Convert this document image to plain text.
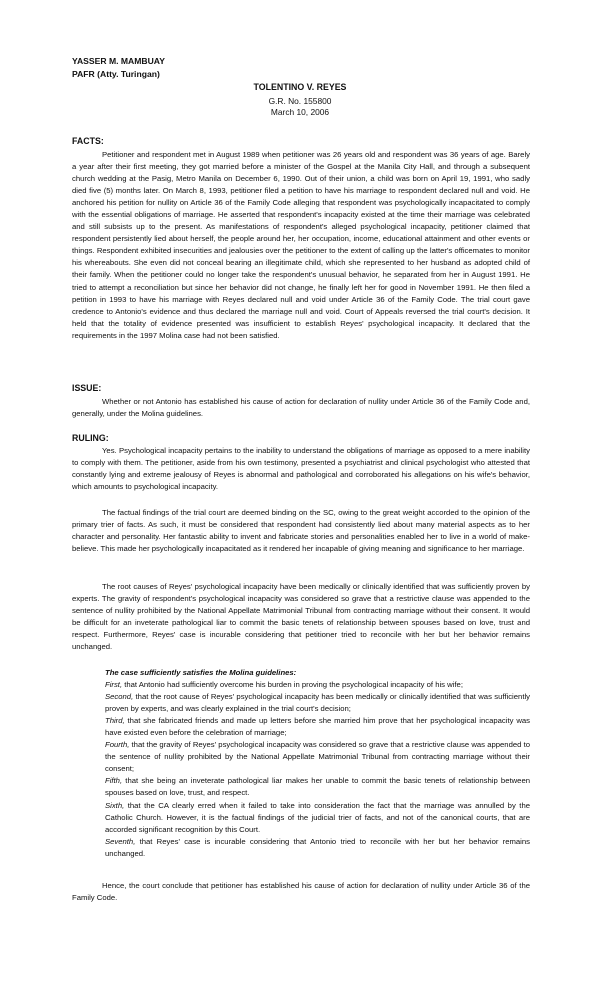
YASSER M. MAMBUAY
PAFR (Atty. Turingan)
TOLENTINO V. REYES
G.R. No. 155800
March 10, 2006
FACTS:

Petitioner and respondent met in August 1989 when petitioner was 26 years old and respondent was 36 years of age. Barely a year after their first meeting, they got married before a minister of the Gospel at the Manila City Hall, and through a subsequent church wedding at the Pasig, Metro Manila on December 6, 1990. Out of their union, a child was born on April 19, 1991, who sadly died five (5) months later. On March 8, 1993, petitioner filed a petition to have his marriage to respondent declared null and void. He anchored his petition for nullity on Article 36 of the Family Code alleging that respondent was psychologically incapacitated to comply with the essential obligations of marriage. He asserted that respondent's incapacity existed at the time their marriage was celebrated and still subsists up to the present. As manifestations of respondent's alleged psychological incapacity, petitioner claimed that respondent persistently lied about herself, the people around her, her occupation, income, educational attainment and other events or things. Respondent exhibited insecurities and jealousies over the petitioner to the extent of calling up the latter's officemates to monitor his whereabouts. She even did not conceal bearing an illegitimate child, which she represented to her husband as adopted child of their family. When the petitioner could no longer take the respondent's unusual behavior, he separated from her in August 1991. He tried to attempt a reconciliation but since her behavior did not change, he finally left her for good in November 1991. He then filed a petition in 1993 to have his marriage with Reyes declared null and void under Article 36 of the Family Code. The trial court gave credence to Antonio's evidence and thus declared the marriage null and void. Court of Appeals reversed the trial court's decision. It held that the totality of evidence presented was insufficient to establish Reyes' psychological incapacity. It declared that the requirements in the 1997 Molina case had not been satisfied.

ISSUE:

Whether or not Antonio has established his cause of action for declaration of nullity under Article 36 of the Family Code and, generally, under the Molina guidelines.

RULING:

Yes. Psychological incapacity pertains to the inability to understand the obligations of marriage as opposed to a mere inability to comply with them. The petitioner, aside from his own testimony, presented a psychiatrist and clinical psychologist who attested that constantly lying and extreme jealousy of Reyes is abnormal and pathological and corroborated his allegations on his wife's behavior, which amounts to psychological incapacity.

The factual findings of the trial court are deemed binding on the SC, owing to the great weight accorded to the opinion of the primary trier of facts. As such, it must be considered that respondent had consistently lied about many material aspects as to her character and personality. Her fantastic ability to invent and fabricate stories and personalities enabled her to live in a world of make-believe. This made her psychologically incapacitated as it rendered her incapable of giving meaning and significance to her marriage.

The root causes of Reyes' psychological incapacity have been medically or clinically identified that was sufficiently proven by experts. The gravity of respondent's psychological incapacity was considered so grave that a restrictive clause was appended to the sentence of nullity prohibited by the National Appellate Matrimonial Tribunal from contracting marriage without their consent. It would be difficult for an inveterate pathological liar to commit the basic tenets of relationship between spouses based on love, trust and respect. Furthermore, Reyes' case is incurable considering that petitioner tried to reconcile with her but her behavior remains unchanged.

The case sufficiently satisfies the Molina guidelines:

First, that Antonio had sufficiently overcome his burden in proving the psychological incapacity of his wife;

Second, that the root cause of Reyes' psychological incapacity has been medically or clinically identified that was sufficiently proven by experts, and was clearly explained in the trial court's decision;

Third, that she fabricated friends and made up letters before she married him prove that her psychological incapacity was have existed even before the celebration of marriage;

Fourth, that the gravity of Reyes' psychological incapacity was considered so grave that a restrictive clause was appended to the sentence of nullity prohibited by the National Appellate Matrimonial Tribunal from contracting marriage without their consent;

Fifth, that she being an inveterate pathological liar makes her unable to commit the basic tenets of relationship between spouses based on love, trust, and respect.

Sixth, that the CA clearly erred when it failed to take into consideration the fact that the marriage was annulled by the Catholic Church. However, it is the factual findings of the judicial trier of facts, and not of the canonical courts, that are accorded significant recognition by this Court.

Seventh, that Reyes' case is incurable considering that Antonio tried to reconcile with her but her behavior remains unchanged.

Hence, the court conclude that petitioner has established his cause of action for declaration of nullity under Article 36 of the Family Code.
